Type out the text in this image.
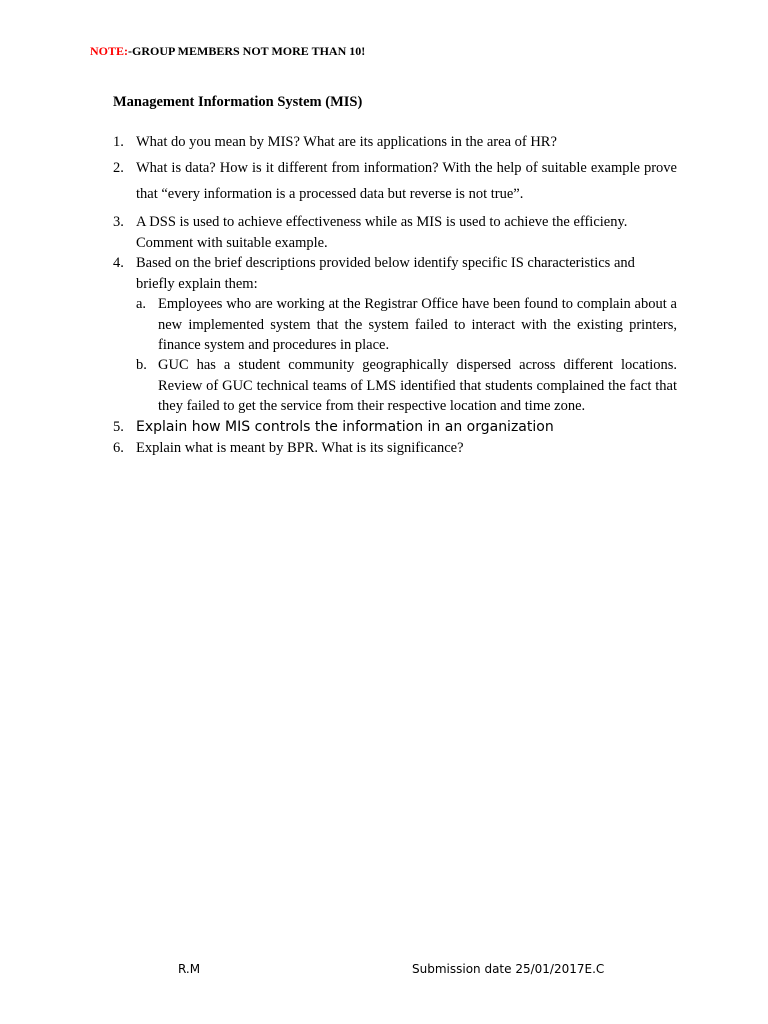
NOTE:-GROUP MEMBERS NOT MORE THAN 10!
Management Information System (MIS)
1. What do you mean by MIS? What are its applications in the area of HR?
2. What is data? How is it different from information? With the help of suitable example prove that “every information is a processed data but reverse is not true”.
3. A DSS is used to achieve effectiveness while as MIS is used to achieve the efficieny. Comment with suitable example.
4. Based on the brief descriptions provided below identify specific IS characteristics and briefly explain them:
a. Employees who are working at the Registrar Office have been found to complain about a new implemented system that the system failed to interact with the existing printers, finance system and procedures in place.
b. GUC has a student community geographically dispersed across different locations. Review of GUC technical teams of LMS identified that students complained the fact that they failed to get the service from their respective location and time zone.
5. Explain how MIS controls the information in an organization
6. Explain what is meant by BPR. What is its significance?
R.M	Submission date 25/01/2017E.C
